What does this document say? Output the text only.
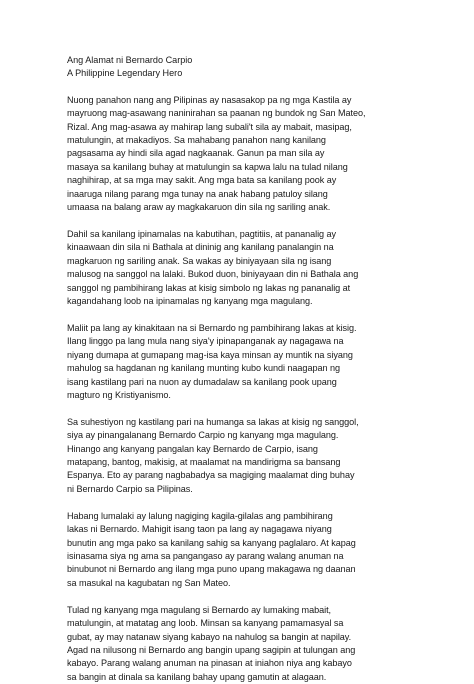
Ang Alamat ni Bernardo Carpio
A Philippine Legendary Hero
Nuong panahon nang ang Pilipinas ay nasasakop pa ng mga Kastila ay
mayruong mag-asawang naninirahan sa paanan ng bundok ng San Mateo,
Rizal. Ang mag-asawa ay mahirap lang subali't sila ay mabait, masipag,
matulungin, at makadiyos. Sa mahabang panahon nang kanilang
pagsasama ay hindi sila agad nagkaanak. Ganun pa man sila ay
masaya sa kanilang buhay at matulungin sa kapwa lalu na tulad nilang
naghihirap, at sa mga may sakit. Ang mga bata sa kanilang pook ay
inaaruga nilang parang mga tunay na anak habang patuloy silang
umaasa na balang araw ay magkakaruon din sila ng sariling anak.
Dahil sa kanilang ipinamalas na kabutihan, pagtitiis, at pananalig ay
kinaawaan din sila ni Bathala at dininig ang kanilang panalangin na
magkaruon ng sariling anak. Sa wakas ay biniyayaan sila ng isang
malusog na sanggol na lalaki. Bukod duon, biniyayaan din ni Bathala ang
sanggol ng pambihirang lakas at kisig simbolo ng lakas ng pananalig at
kagandahang loob na ipinamalas ng kanyang mga magulang.
Maliit pa lang ay kinakitaan na si Bernardo ng pambihirang lakas at kisig.
Ilang linggo pa lang mula nang siya'y ipinapanganak ay nagagawa na
niyang dumapa at gumapang mag-isa kaya minsan ay muntik na siyang
mahulog sa hagdanan ng kanilang munting kubo kundi naagapan ng
isang kastilang pari na nuon ay dumadalaw sa kanilang pook upang
magturo ng Kristiyanismo.
Sa suhestiyon ng kastilang pari na humanga sa lakas at kisig ng sanggol,
siya ay pinangalanang Bernardo Carpio ng kanyang mga magulang.
Hinango ang kanyang pangalan kay Bernardo de Carpio, isang
matapang, bantog, makisig, at maalamat na mandirigma sa bansang
Espanya. Eto ay parang nagbabadya sa magiging maalamat ding buhay
ni Bernardo Carpio sa Pilipinas.
Habang lumalaki ay lalung nagiging kagila-gilalas ang pambihirang
lakas ni Bernardo. Mahigit isang taon pa lang ay nagagawa niyang
bunutin ang mga pako sa kanilang sahig sa kanyang paglalaro. At kapag
isinasama siya ng ama sa pangangaso ay parang walang anuman na
binubunot ni Bernardo ang ilang mga puno upang makagawa ng daanan
sa masukal na kagubatan ng San Mateo.
Tulad ng kanyang mga magulang si Bernardo ay lumaking mabait,
matulungin, at matatag ang loob. Minsan sa kanyang pamamasyal sa
gubat, ay may natanaw siyang kabayo na nahulog sa bangin at napilay.
Agad na nilusong ni Bernardo ang bangin upang sagipin at tulungan ang
kabayo. Parang walang anuman na pinasan at iniahon niya ang kabayo
sa bangin at dinala sa kanilang bahay upang gamutin at alagaan.
